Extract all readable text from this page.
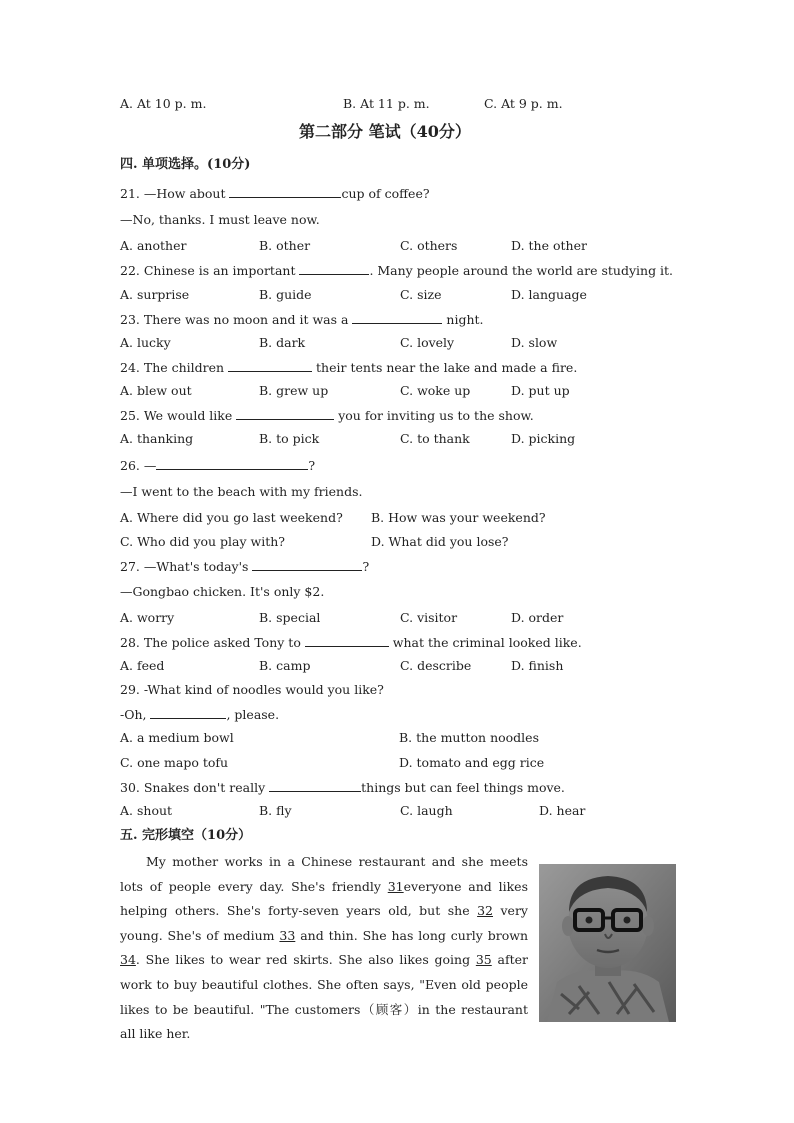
A. At 10 p. m.	B. At 11 p. m.	C. At 9 p. m.
第二部分 笔试（40分）
四. 单项选择。(10分)
21. —How about	cup of coffee?
—No, thanks. I must leave now.
A. another	B. other	C. others	D. the other
22. Chinese is an important	. Many people around the world are studying it.
A. surprise	B. guide	C. size	D. language
23. There was no moon and it was a	night.
A. lucky	B. dark	C. lovely	D. slow
24. The children	their tents near the lake and made a fire.
A. blew out	B. grew up	C. woke up	D. put up
25. We would like	you for inviting us to the show.
A. thanking	B. to pick	C. to thank	D. picking
26. —	?
—I went to the beach with my friends.
A. Where did you go last weekend? B. How was your weekend?
C. Who did you play with?	D. What did you lose?
27. —What's today's	?
—Gongbao chicken. It's only $2.
A. worry	B. special	C. visitor	D. order
28. The police asked Tony to	what the criminal looked like.
A. feed	B. camp	C. describe	D. finish
29. -What kind of noodles would you like?
-Oh,	, please.
A. a medium bowl	B. the mutton noodles
C. one mapo tofu	D. tomato and egg rice
30. Snakes don't really	things but can feel things move.
A. shout	B. fly	C. laugh	D. hear
五. 完形填空（10分）
My mother works in a Chinese restaurant and she meets lots of people every day. She's friendly 31everyone and likes helping others. She's forty-seven years old, but she 32 very young. She's of medium 33 and thin. She has long curly brown 34. She likes to wear red skirts. She also likes going 35 after work to buy beautiful clothes. She often says, "Even old people likes to be beautiful. "The customers（顾客）in the restaurant all like her.
